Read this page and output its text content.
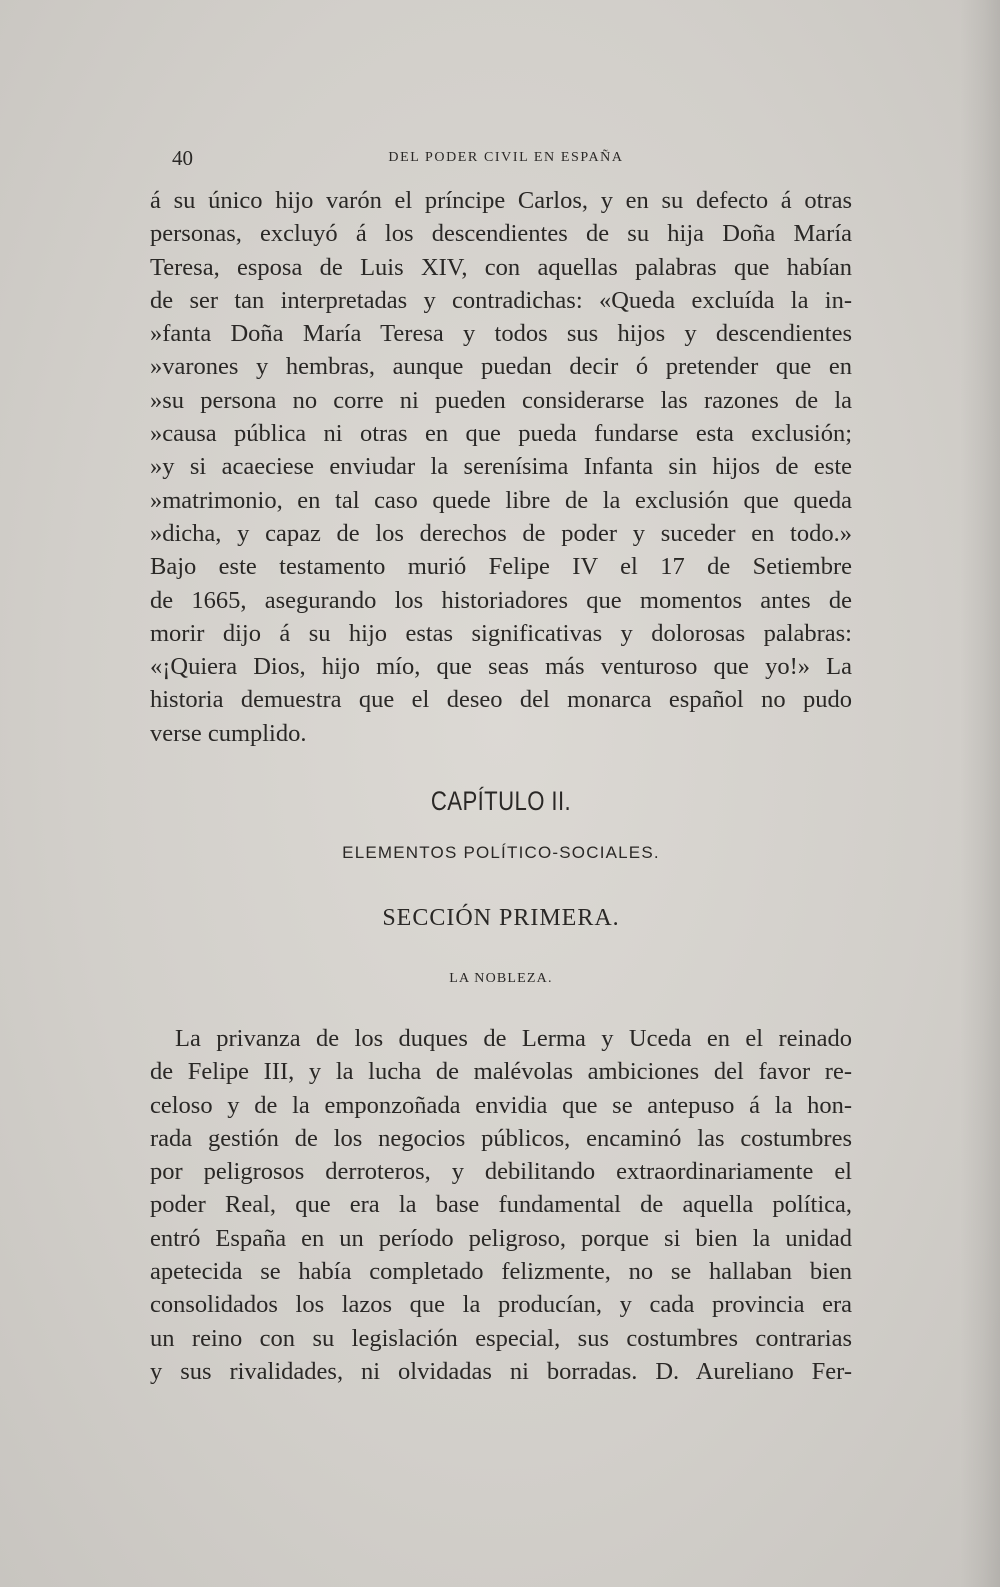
40	DEL PODER CIVIL EN ESPAÑA
á su único hijo varón el príncipe Carlos, y en su defecto á otras
personas, excluyó á los descendientes de su hija Doña María
Teresa, esposa de Luis XIV, con aquellas palabras que habían
de ser tan interpretadas y contradichas: «Queda excluída la in-
»fanta Doña María Teresa y todos sus hijos y descendientes
»varones y hembras, aunque puedan decir ó pretender que en
»su persona no corre ni pueden considerarse las razones de la
»causa pública ni otras en que pueda fundarse esta exclusión;
»y si acaeciese enviudar la serenísima Infanta sin hijos de este
»matrimonio, en tal caso quede libre de la exclusión que queda
»dicha, y capaz de los derechos de poder y suceder en todo.»
Bajo este testamento murió Felipe IV el 17 de Setiembre
de 1665, asegurando los historiadores que momentos antes de
morir dijo á su hijo estas significativas y dolorosas palabras:
«¡Quiera Dios, hijo mío, que seas más venturoso que yo!» La
historia demuestra que el deseo del monarca español no pudo
verse cumplido.
CAPÍTULO II.
ELEMENTOS POLÍTICO-SOCIALES.
SECCIÓN PRIMERA.
LA NOBLEZA.
La privanza de los duques de Lerma y Uceda en el reinado
de Felipe III, y la lucha de malévolas ambiciones del favor re-
celoso y de la emponzoñada envidia que se antepuso á la hon-
rada gestión de los negocios públicos, encaminó las costumbres
por peligrosos derroteros, y debilitando extraordinariamente el
poder Real, que era la base fundamental de aquella política,
entró España en un período peligroso, porque si bien la unidad
apetecida se había completado felizmente, no se hallaban bien
consolidados los lazos que la producían, y cada provincia era
un reino con su legislación especial, sus costumbres contrarias
y sus rivalidades, ni olvidadas ni borradas. D. Aureliano Fer-
